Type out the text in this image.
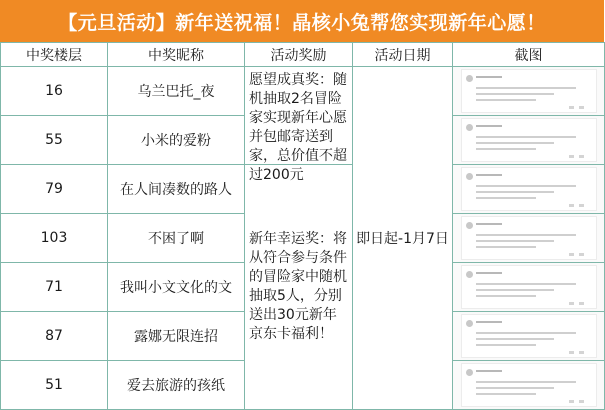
【元旦活动】新年送祝福！晶核小兔帮您实现新年心愿！
中奖楼层	中奖昵称	活动奖励	活动日期	截图
16	乌兰巴托_夜	愿望成真奖：随机抽取2名冒险家实现新年心愿并包邮寄送到家，总价值不超过200元	即日起-1月7日	

55	小米的爱粉			

79	在人间凑数的路人	新年幸运奖：将从符合参与条件的冒险家中随机抽取5人，分别送出30元新年京东卡福利！		

103	不困了啊			

71	我叫小文文化的文			

87	露娜无限连招			

51	爱去旅游的孩纸			
